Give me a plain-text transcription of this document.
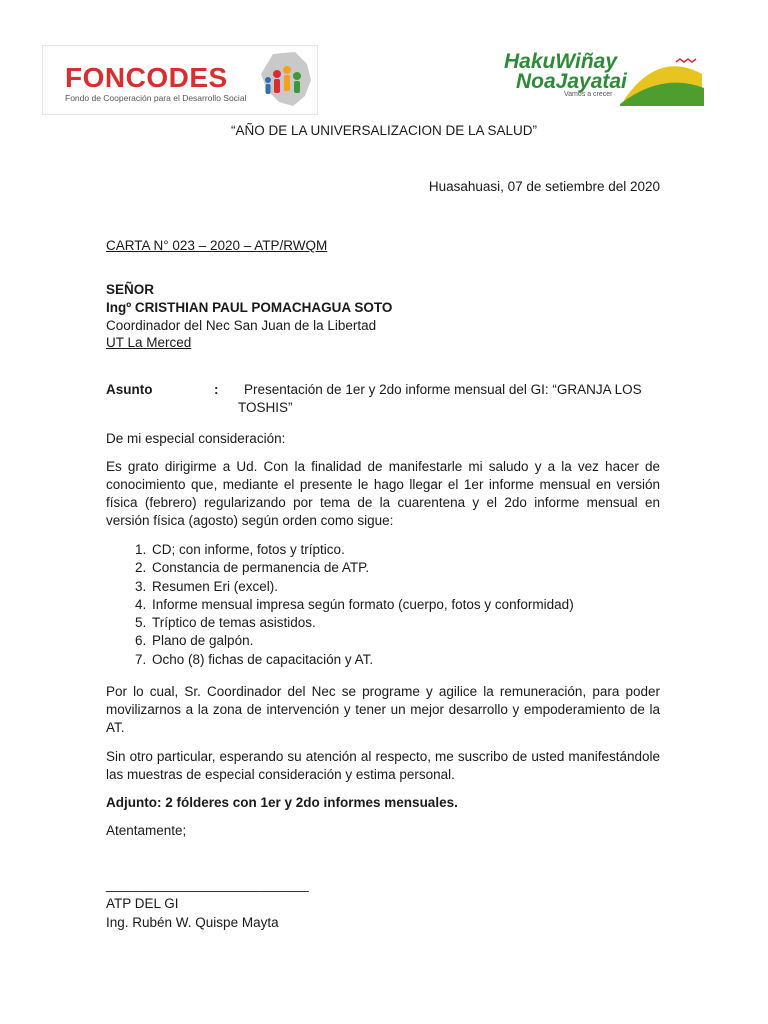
FONCODES
Fondo de Cooperación para el Desarrollo Social
HakuWiñay
NoaJayatai
Vamos a crecer
“AÑO DE LA UNIVERSALIZACION DE LA SALUD”
Huasahuasi, 07 de setiembre del 2020
CARTA N° 023 – 2020 – ATP/RWQM
SEÑOR
Ingº CRISTHIAN PAUL POMACHAGUA SOTO
Coordinador del Nec San Juan de la Libertad
UT La Merced
Asunto	: Presentación de 1er y 2do informe mensual del GI: “GRANJA LOS
TOSHIS”
De mi especial consideración:
Es grato dirigirme a Ud. Con la finalidad de manifestarle mi saludo y a la vez hacer de conocimiento que, mediante el presente le hago llegar el 1er informe mensual en versión física (febrero) regularizando por tema de la cuarentena y el 2do informe mensual en versión física (agosto) según orden como sigue:
1. CD; con informe, fotos y tríptico.
2. Constancia de permanencia de ATP.
3. Resumen Eri (excel).
4. Informe mensual impresa según formato (cuerpo, fotos y conformidad)
5. Tríptico de temas asistidos.
6. Plano de galpón.
7. Ocho (8) fichas de capacitación y AT.
Por lo cual, Sr. Coordinador del Nec se programe y agilice la remuneración, para poder movilizarnos a la zona de intervención y tener un mejor desarrollo y empoderamiento de la AT.
Sin otro particular, esperando su atención al respecto, me suscribo de usted manifestándole las muestras de especial consideración y estima personal.
Adjunto: 2 fólderes con 1er y 2do informes mensuales.
Atentamente;
___________________________
ATP DEL GI
Ing. Rubén W. Quispe Mayta
